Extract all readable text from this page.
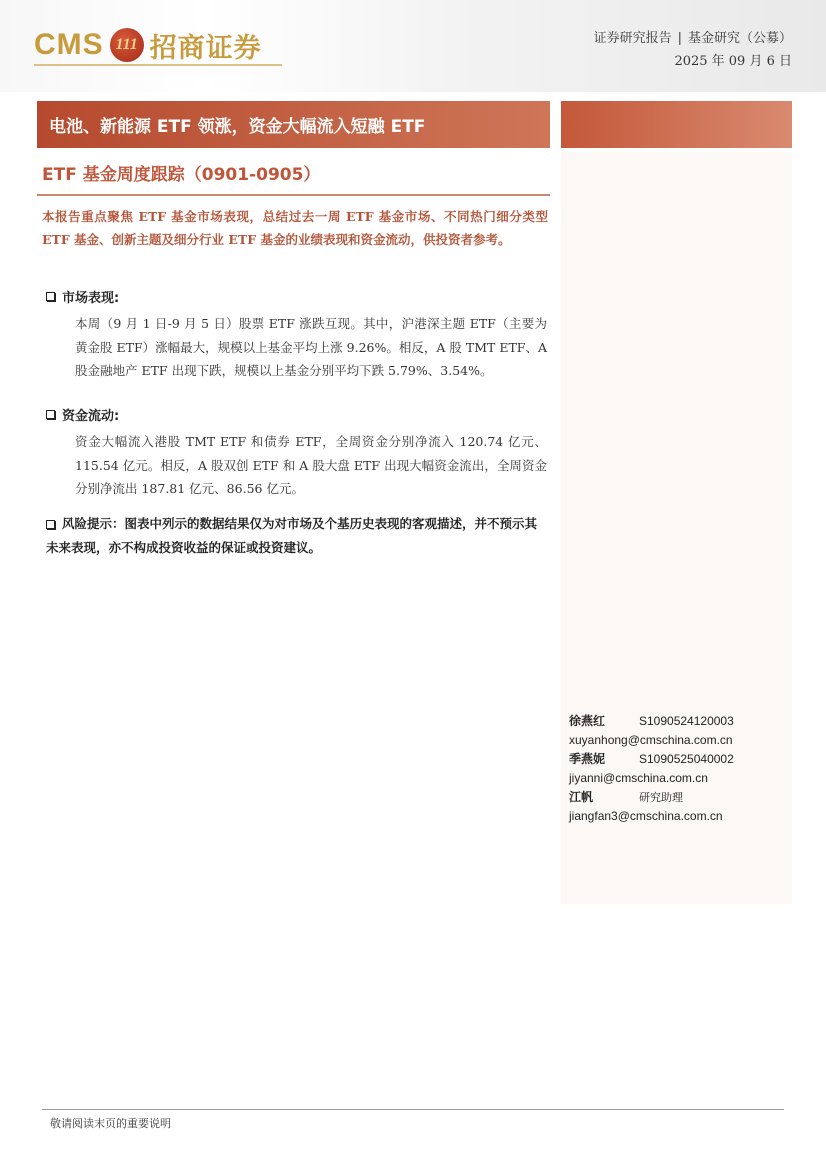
CMS 111 招商证券	证券研究报告 | 基金研究（公募）
2025 年 09 月 6 日
电池、新能源 ETF 领涨，资金大幅流入短融 ETF
ETF 基金周度跟踪（0901-0905）
本报告重点聚焦 ETF 基金市场表现，总结过去一周 ETF 基金市场、不同热门细分类型 ETF 基金、创新主题及细分行业 ETF 基金的业绩表现和资金流动，供投资者参考。
市场表现:
本周（9 月 1 日-9 月 5 日）股票 ETF 涨跌互现。其中，沪港深主题 ETF（主要为黄金股 ETF）涨幅最大，规模以上基金平均上涨 9.26%。相反，A 股 TMT ETF、A 股金融地产 ETF 出现下跌，规模以上基金分别平均下跌 5.79%、3.54%。
资金流动:
资金大幅流入港股 TMT ETF 和债券 ETF，全周资金分别净流入 120.74 亿元、115.54 亿元。相反，A 股双创 ETF 和 A 股大盘 ETF 出现大幅资金流出，全周资金分别净流出 187.81 亿元、86.56 亿元。
风险提示：图表中列示的数据结果仅为对市场及个基历史表现的客观描述，并不预示其未来表现，亦不构成投资收益的保证或投资建议。
徐燕红	S1090524120003
xuyanhong@cmschina.com.cn
季燕妮	S1090525040002
jiyanni@cmschina.com.cn
江帆	研究助理
jiangfan3@cmschina.com.cn
敬请阅读末页的重要说明
